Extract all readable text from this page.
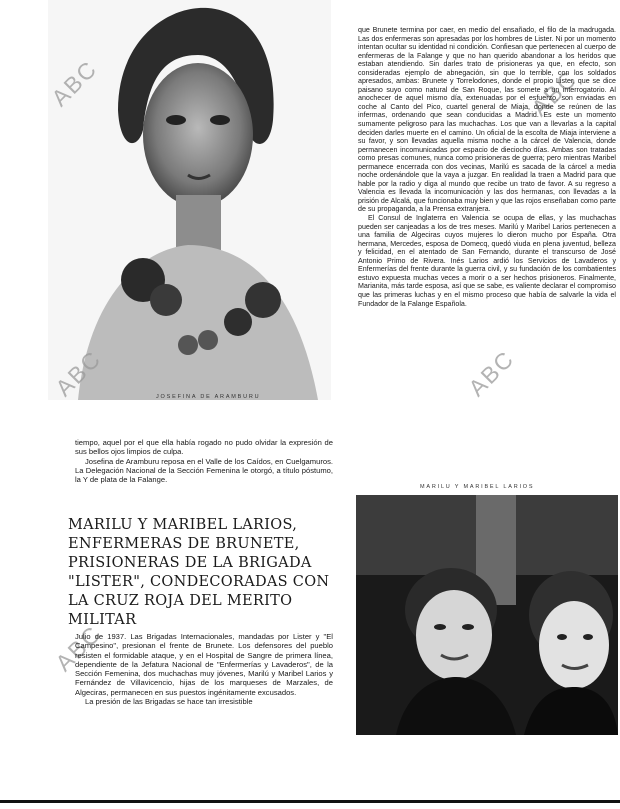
JOSEFINA DE ARAMBURU
ABC	ABC
ABC	ABC
ABC

tiempo, aquel por el que ella había rogado no pudo olvidar la expresión de sus bellos ojos limpios de culpa.

Josefina de Aramburu reposa en el Valle de los Caídos, en Cuelgamuros. La Delegación Nacional de la Sección Femenina le otorgó, a título póstumo, la Y de plata de la Falange.

MARILU Y MARIBEL LARIOS, ENFERMERAS DE BRUNETE, PRISIONERAS DE LA BRIGADA "LISTER", CONDECORADAS CON LA CRUZ ROJA DEL MERITO MILITAR

Julio de 1937. Las Brigadas Internacionales, mandadas por Lister y "El Campesino", presionan el frente de Brunete. Los defensores del pueblo resisten el formidable ataque, y en el Hospital de Sangre de primera línea, dependiente de la Jefatura Nacional de "Enfermerías y Lavaderos", de la Sección Femenina, dos muchachas muy jóvenes, Marilú y Maribel Larios y Fernández de Villavicencio, hijas de los marqueses de Marzales, de Algeciras, permanecen en sus puestos ingénitamente excusados.

La presión de las Brigadas se hace tan irresistible

que Brunete termina por caer, en medio del ensañado, el filo de la madrugada. Las dos enfermeras son apresadas por los hombres de Lister. Ni por un momento intentan ocultar su identidad ni condición. Confiesan que pertenecen al cuerpo de enfermeras de la Falange y que no han querido abandonar a los heridos que estaban atendiendo. Sin darles trato de prisioneras ya que, en efecto, son consideradas ejemplo de abnegación, sin que lo terrible, con los soldados apresados, ambas: Brunete y Torrelodones, donde el propio Lister, que se dice paisano suyo como natural de San Roque, las somete a un interrogatorio. Al anochecer de aquel mismo día, extenuadas por el esfuerzo, son enviadas en coche al Canto del Pico, cuartel general de Miaja, donde se reúnen de las infermas, ordenando que sean conducidas a Madrid. Es este un momento sumamente peligroso para las muchachas. Los que van a llevarlas a la capital deciden darles muerte en el camino. Un oficial de la escolta de Miaja interviene a su favor, y son llevadas aquella misma noche a la cárcel de Valencia, donde permanecen incomunicadas por espacio de dieciocho días. Ambas son tratadas como presas comunes, nunca como prisioneras de guerra; pero mientras Maribel permanece encerrada con dos vecinas, Marilú es sacada de la cárcel a media noche ordenándole que la vaya a juzgar. En realidad la traen a Madrid para que hable por la radio y diga al mundo que recibe un trato de favor. A su regreso a Valencia es llevada la incomunicación y las dos hermanas, con llevadas a la prisión de Alcalá, que funcionaba muy bien y que las rojos enseñaban como parte de su propaganda, a la Prensa extranjera.

El Consul de Inglaterra en Valencia se ocupa de ellas, y las muchachas pueden ser canjeadas a los de tres meses. Marilú y Maribel Larios pertenecen a una familia de Algeciras cuyos mujeres lo dieron mucho por España. Otra hermana, Mercedes, esposa de Domecq, quedó viuda en plena juventud, belleza y felicidad, en el atentado de San Fernando, durante el transcurso de José Antonio Primo de Rivera. Inés Larios ardió los Servicios de Lavaderos y Enfermerías del frente durante la guerra civil, y su fundación de los combatientes estuvo expuesta muchas veces a morir o a ser hechos prisioneros. Finalmente, Marianita, más tarde esposa, así que se sabe, es valiente declarar el compromiso que las primeras luchas y en el mismo proceso que había de salvarle la vida el Fundador de la Falange Española.

MARILU Y MARIBEL LARIOS
